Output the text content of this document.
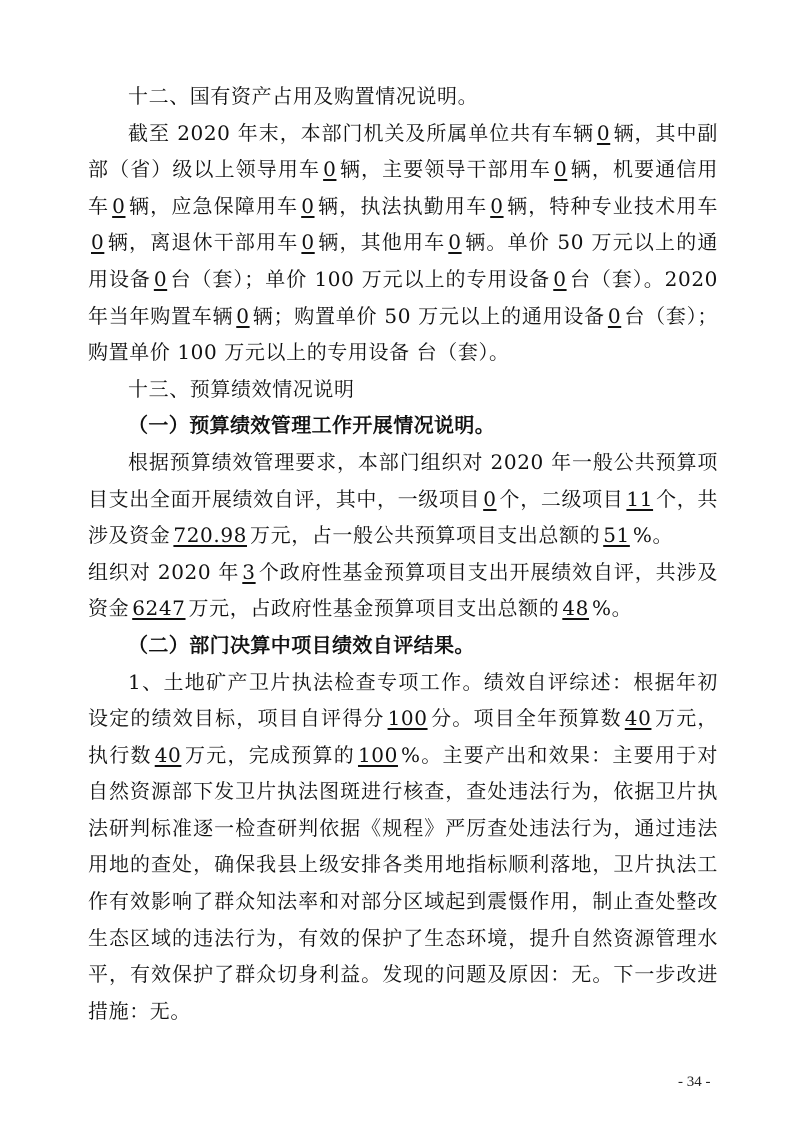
十二、国有资产占用及购置情况说明。

截至 2020 年末，本部门机关及所属单位共有车辆 0 辆，其中副部（省）级以上领导用车 0 辆，主要领导干部用车 0 辆，机要通信用车 0 辆，应急保障用车 0 辆，执法执勤用车 0 辆，特种专业技术用车0 辆，离退休干部用车 0 辆，其他用车 0 辆。单价 50 万元以上的通用设备 0 台（套）；单价 100 万元以上的专用设备 0 台（套）。2020 年当年购置车辆 0 辆；购置单价 50 万元以上的通用设备 0 台（套）；购置单价 100 万元以上的专用设备 台（套）。

十三、预算绩效情况说明

（一）预算绩效管理工作开展情况说明。

根据预算绩效管理要求，本部门组织对 2020 年一般公共预算项目支出全面开展绩效自评，其中，一级项目 0 个，二级项目 11 个，共涉及资金 720.98 万元，占一般公共预算项目支出总额的 51 %。

组织对 2020 年 3 个政府性基金预算项目支出开展绩效自评，共涉及资金 6247 万元，占政府性基金预算项目支出总额的 48 %。

（二）部门决算中项目绩效自评结果。

1、土地矿产卫片执法检查专项工作。绩效自评综述：根据年初设定的绩效目标，项目自评得分 100 分。项目全年预算数 40 万元，执行数 40 万元，完成预算的 100 %。主要产出和效果：主要用于对自然资源部下发卫片执法图斑进行核查，查处违法行为，依据卫片执法研判标准逐一检查研判依据《规程》严厉查处违法行为，通过违法用地的查处，确保我县上级安排各类用地指标顺利落地，卫片执法工作有效影响了群众知法率和对部分区域起到震慑作用，制止查处整改生态区域的违法行为，有效的保护了生态环境，提升自然资源管理水平，有效保护了群众切身利益。发现的问题及原因：无。下一步改进措施：无。

- 34 -
